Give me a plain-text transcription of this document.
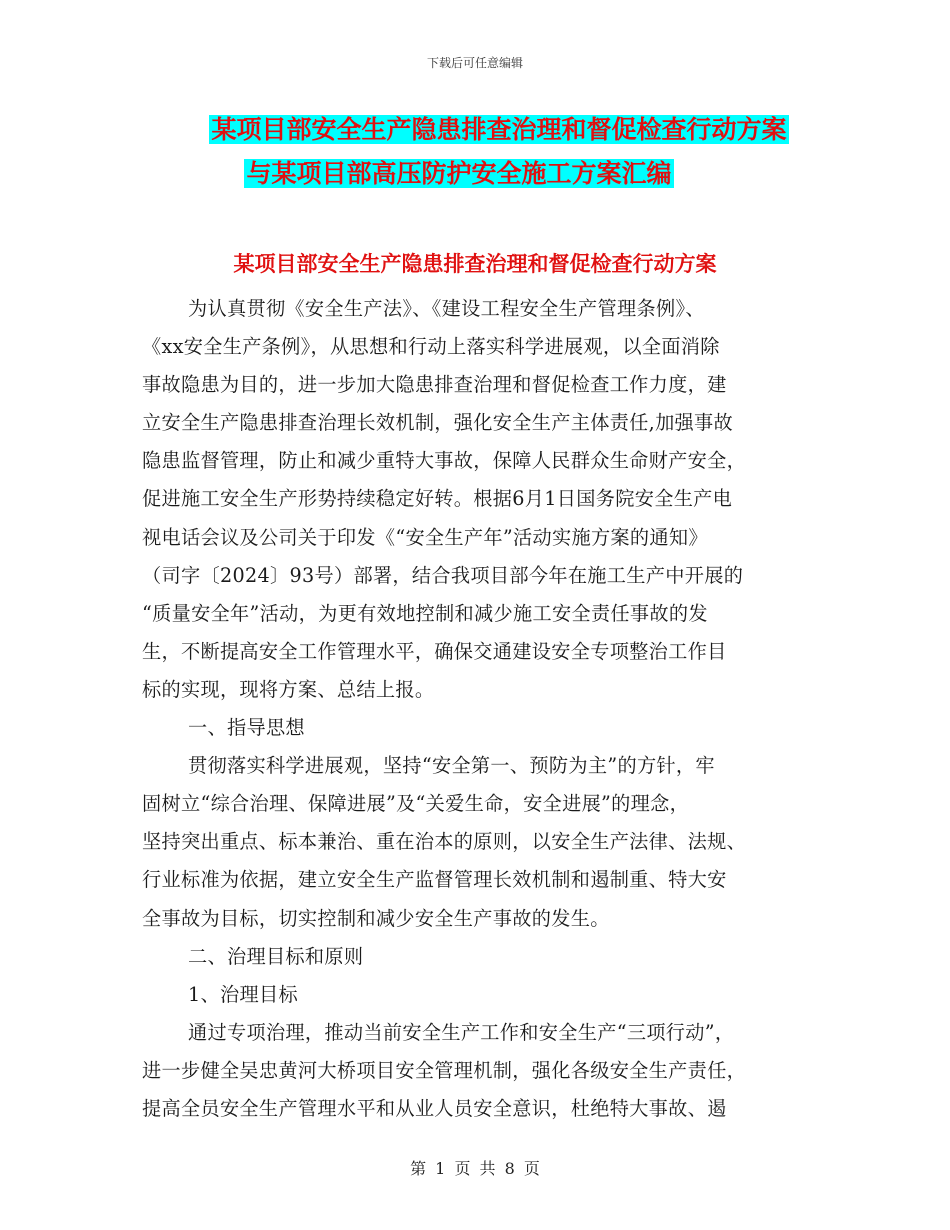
下载后可任意编辑
某项目部安全生产隐患排查治理和督促检查行动方案
与某项目部高压防护安全施工方案汇编
某项目部安全生产隐患排查治理和督促检查行动方案
为认真贯彻《安全生产法》、《建设工程安全生产管理条例》、
《xx安全生产条例》，从思想和行动上落实科学进展观，以全面消除
事故隐患为目的，进一步加大隐患排查治理和督促检查工作力度，建
立安全生产隐患排查治理长效机制，强化安全生产主体责任,加强事故
隐患监督管理，防止和减少重特大事故，保障人民群众生命财产安全，
促进施工安全生产形势持续稳定好转。根据6月1日国务院安全生产电
视电话会议及公司关于印发《“安全生产年”活动实施方案的通知》
（司字〔2024〕93号）部署，结合我项目部今年在施工生产中开展的
“质量安全年”活动，为更有效地控制和减少施工安全责任事故的发
生，不断提高安全工作管理水平，确保交通建设安全专项整治工作目
标的实现，现将方案、总结上报。
一、指导思想
贯彻落实科学进展观，坚持“安全第一、预防为主”的方针，牢
固树立“综合治理、保障进展”及“关爱生命，安全进展”的理念，
坚持突出重点、标本兼治、重在治本的原则，以安全生产法律、法规、
行业标准为依据，建立安全生产监督管理长效机制和遏制重、特大安
全事故为目标，切实控制和减少安全生产事故的发生。
二、治理目标和原则
1、治理目标
通过专项治理，推动当前安全生产工作和安全生产“三项行动”，
进一步健全吴忠黄河大桥项目安全管理机制，强化各级安全生产责任，
提高全员安全生产管理水平和从业人员安全意识，杜绝特大事故、遏
第 1 页 共 8 页
